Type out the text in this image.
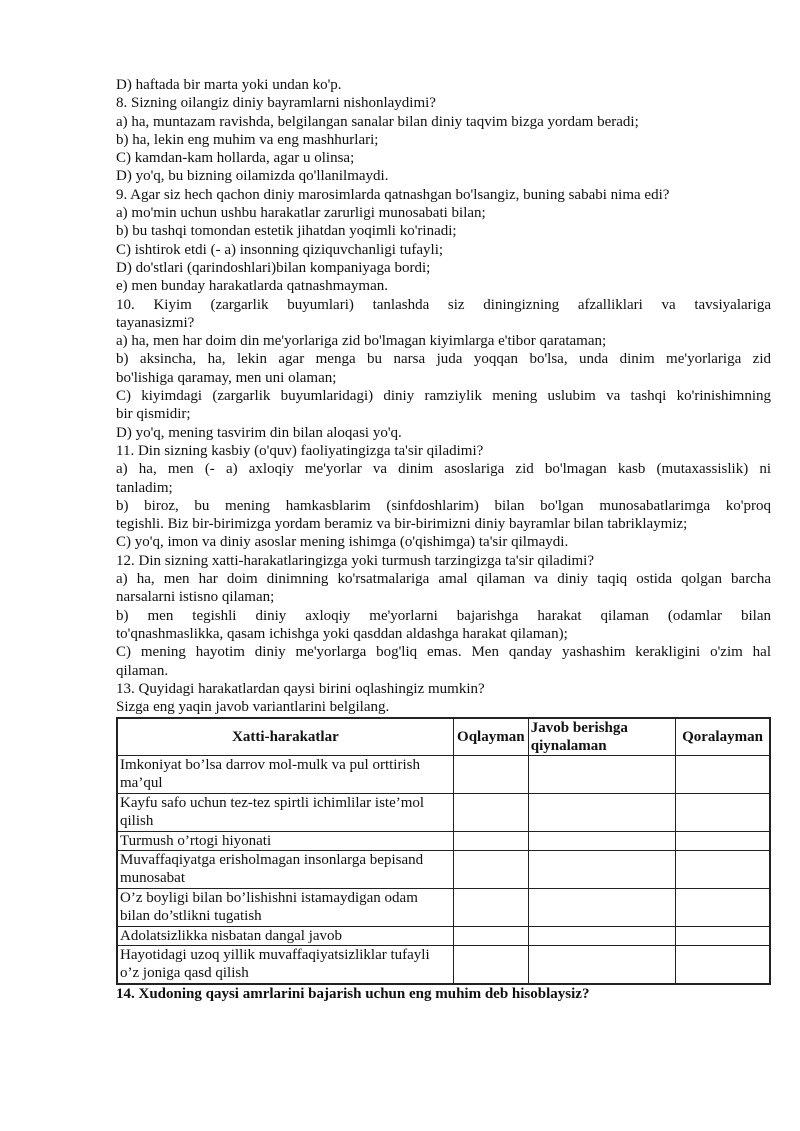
D) haftada bir marta yoki undan ko'p.
8. Sizning oilangiz diniy bayramlarni nishonlaydimi?
a) ha, muntazam ravishda, belgilangan sanalar bilan diniy taqvim bizga yordam beradi;
b) ha, lekin eng muhim va eng mashhurlari;
C) kamdan-kam hollarda, agar u olinsa;
D) yo'q, bu bizning oilamizda qo'llanilmaydi.
9. Agar siz hech qachon diniy marosimlarda qatnashgan bo'lsangiz, buning sababi nima edi?
a) mo'min uchun ushbu harakatlar zarurligi munosabati bilan;
b) bu tashqi tomondan estetik jihatdan yoqimli ko'rinadi;
C) ishtirok etdi (- a) insonning qiziquvchanligi tufayli;
D) do'stlari (qarindoshlari)bilan kompaniyaga bordi;
e) men bunday harakatlarda qatnashmayman.
10. Kiyim (zargarlik buyumlari) tanlashda siz diningizning afzalliklari va tavsiyalariga
tayanasizmi?
a) ha, men har doim din me'yorlariga zid bo'lmagan kiyimlarga e'tibor qarataman;
b) aksincha, ha, lekin agar menga bu narsa juda yoqqan bo'lsa, unda dinim me'yorlariga zid
bo'lishiga qaramay, men uni olaman;
C) kiyimdagi (zargarlik buyumlaridagi) diniy ramziylik mening uslubim va tashqi ko'rinishimning
bir qismidir;
D) yo'q, mening tasvirim din bilan aloqasi yo'q.
11. Din sizning kasbiy (o'quv) faoliyatingizga ta'sir qiladimi?
a) ha, men (- a) axloqiy me'yorlar va dinim asoslariga zid bo'lmagan kasb (mutaxassislik) ni
tanladim;
b) biroz, bu mening hamkasblarim (sinfdoshlarim) bilan bo'lgan munosabatlarimga ko'proq
tegishli. Biz bir-birimizga yordam beramiz va bir-birimizni diniy bayramlar bilan tabriklaymiz;
C) yo'q, imon va diniy asoslar mening ishimga (o'qishimga) ta'sir qilmaydi.
12. Din sizning xatti-harakatlaringizga yoki turmush tarzingizga ta'sir qiladimi?
a) ha, men har doim dinimning ko'rsatmalariga amal qilaman va diniy taqiq ostida qolgan barcha
narsalarni istisno qilaman;
b) men tegishli diniy axloqiy me'yorlarni bajarishga harakat qilaman (odamlar bilan
to'qnashmaslikka, qasam ichishga yoki qasddan aldashga harakat qilaman);
C) mening hayotim diniy me'yorlarga bog'liq emas. Men qanday yashashim kerakligini o'zim hal
qilaman.
13. Quyidagi harakatlardan qaysi birini oqlashingiz mumkin?
Sizga eng yaqin javob variantlarini belgilang.
Xatti-harakatlar	Oqlayman	Javob berishga qiynalaman	Qoralayman
Imkoniyat bo’lsa darrov mol-mulk va pul orttirish ma’qul			
Kayfu safo uchun tez-tez spirtli ichimlilar iste’mol qilish			
Turmush o’rtogi hiyonati			
Muvaffaqiyatga erisholmagan insonlarga bepisand munosabat			
O’z boyligi bilan bo’lishishni istamaydigan odam bilan do’stlikni tugatish			
Adolatsizlikka nisbatan dangal javob			
Hayotidagi uzoq yillik muvaffaqiyatsizliklar tufayli o’z joniga qasd qilish			
14. Xudoning qaysi amrlarini bajarish uchun eng muhim deb hisoblaysiz?
